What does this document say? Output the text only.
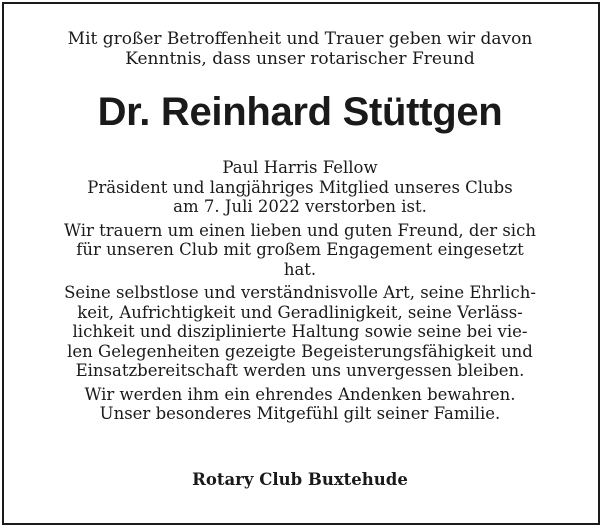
Mit großer Betroffenheit und Trauer geben wir davon
Kenntnis, dass unser rotarischer Freund
Dr. Reinhard Stüttgen

Paul Harris Fellow
Präsident und langjähriges Mitglied unseres Clubs
am 7. Juli 2022 verstorben ist.

Wir trauern um einen lieben und guten Freund, der sich
für unseren Club mit großem Engagement eingesetzt
hat.

Seine selbstlose und verständnisvolle Art, seine Ehrlich-
keit, Aufrichtigkeit und Geradlinigkeit, seine Verläss-
lichkeit und disziplinierte Haltung sowie seine bei vie-
len Gelegenheiten gezeigte Begeisterungsfähigkeit und
Einsatzbereitschaft werden uns unvergessen bleiben.

Wir werden ihm ein ehrendes Andenken bewahren.
Unser besonderes Mitgefühl gilt seiner Familie.

Rotary Club Buxtehude
